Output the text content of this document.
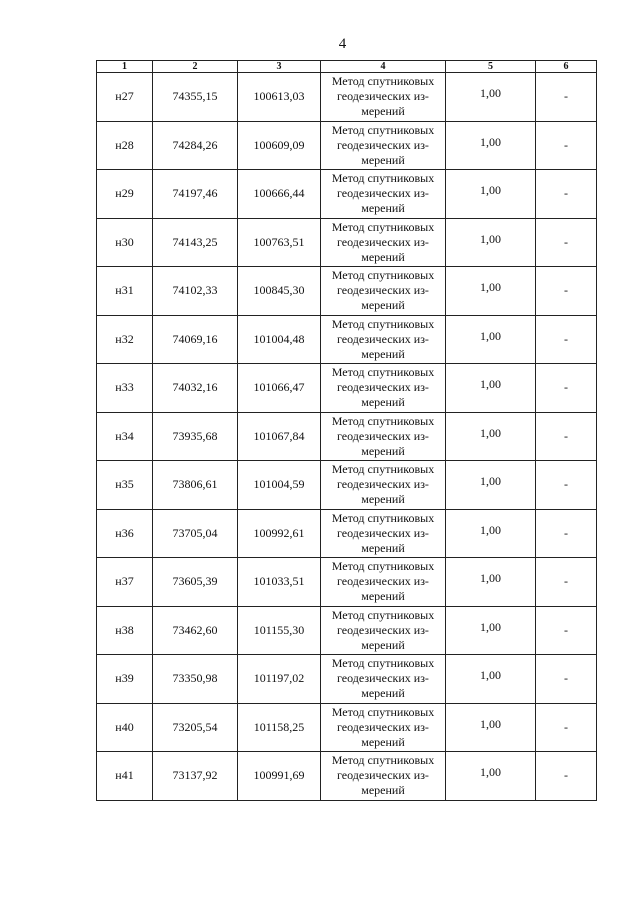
4
1	2	3	4	5	6
н27	74355,15	100613,03	Метод спутниковых
геодезических из-
мерений	1,00	-
н28	74284,26	100609,09	Метод спутниковых
геодезических из-
мерений	1,00	-
н29	74197,46	100666,44	Метод спутниковых
геодезических из-
мерений	1,00	-
н30	74143,25	100763,51	Метод спутниковых
геодезических из-
мерений	1,00	-
н31	74102,33	100845,30	Метод спутниковых
геодезических из-
мерений	1,00	-
н32	74069,16	101004,48	Метод спутниковых
геодезических из-
мерений	1,00	-
н33	74032,16	101066,47	Метод спутниковых
геодезических из-
мерений	1,00	-
н34	73935,68	101067,84	Метод спутниковых
геодезических из-
мерений	1,00	-
н35	73806,61	101004,59	Метод спутниковых
геодезических из-
мерений	1,00	-
н36	73705,04	100992,61	Метод спутниковых
геодезических из-
мерений	1,00	-
н37	73605,39	101033,51	Метод спутниковых
геодезических из-
мерений	1,00	-
н38	73462,60	101155,30	Метод спутниковых
геодезических из-
мерений	1,00	-
н39	73350,98	101197,02	Метод спутниковых
геодезических из-
мерений	1,00	-
н40	73205,54	101158,25	Метод спутниковых
геодезических из-
мерений	1,00	-
н41	73137,92	100991,69	Метод спутниковых
геодезических из-
мерений	1,00	-
